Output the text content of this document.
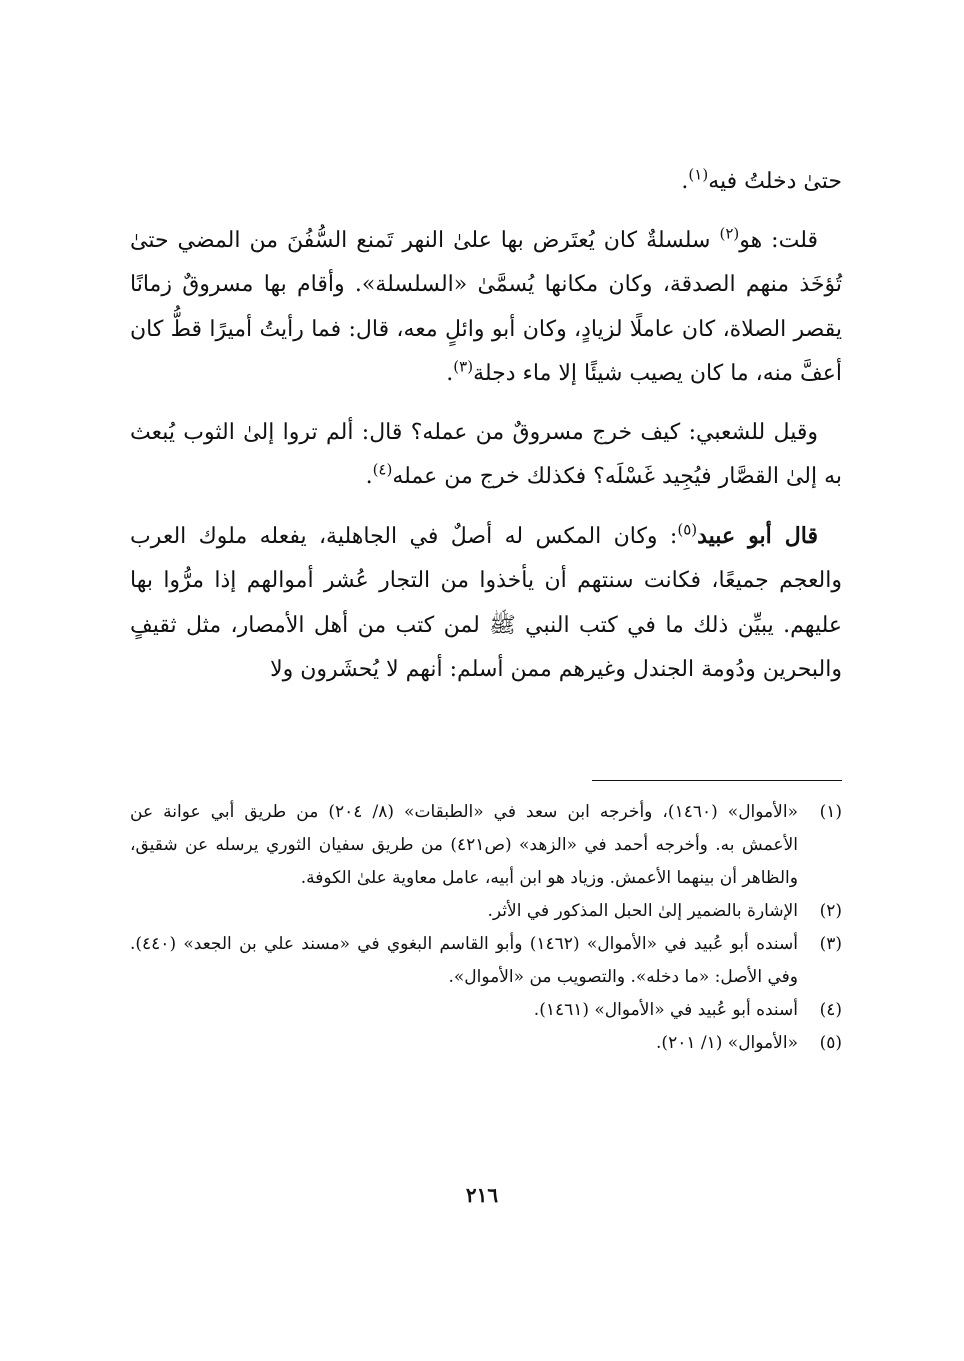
حتىٰ دخلتُ فيه$^{(١)}$.

قلت: هو$^{(٢)}$ سلسلةٌ كان يُعتَرض بها علىٰ النهر تَمنع السُّفُنَ من المضي حتىٰ تُؤخَذ منهم الصدقة، وكان مكانها يُسمَّىٰ «السلسلة». وأقام بها مسروقٌ زمانًا يقصر الصلاة، كان عاملًا لزيادٍ، وكان أبو وائلٍ معه، قال: فما رأيتُ أميرًا قطُّ كان أعفَّ منه، ما كان يصيب شيئًا إلا ماء دجلة$^{(٣)}$.

وقيل للشعبي: كيف خرج مسروقٌ من عمله؟ قال: ألم تروا إلىٰ الثوب يُبعث به إلىٰ القصَّار فيُجِيد غَسْلَه؟ فكذلك خرج من عمله$^{(٤)}$.

قال أبو عبيد$^{(٥)}$: وكان المكس له أصلٌ في الجاهلية، يفعله ملوك العرب والعجم جميعًا، فكانت سنتهم أن يأخذوا من التجار عُشر أموالهم إذا مرُّوا بها عليهم. يبيِّن ذلك ما في كتب النبي ﷺ لمن كتب من أهل الأمصار، مثل ثقيفٍ والبحرين ودُومة الجندل وغيرهم ممن أسلم: أنهم لا يُحشَرون ولا

(١)
«الأموال» (١٤٦٠)، وأخرجه ابن سعد في «الطبقات» (٨/ ٢٠٤) من طريق أبي عوانة عن الأعمش به. وأخرجه أحمد في «الزهد» (ص٤٢١) من طريق سفيان الثوري يرسله عن شقيق، والظاهر أن بينهما الأعمش. وزياد هو ابن أبيه، عامل معاوية علىٰ الكوفة.
(٢)
الإشارة بالضمير إلىٰ الحبل المذكور في الأثر.
(٣)
أسنده أبو عُبيد في «الأموال» (١٤٦٢) وأبو القاسم البغوي في «مسند علي بن الجعد» (٤٤٠). وفي الأصل: «ما دخله». والتصويب من «الأموال».
(٤)
أسنده أبو عُبيد في «الأموال» (١٤٦١).
(٥)
«الأموال» (١/ ٢٠١).
٢١٦
